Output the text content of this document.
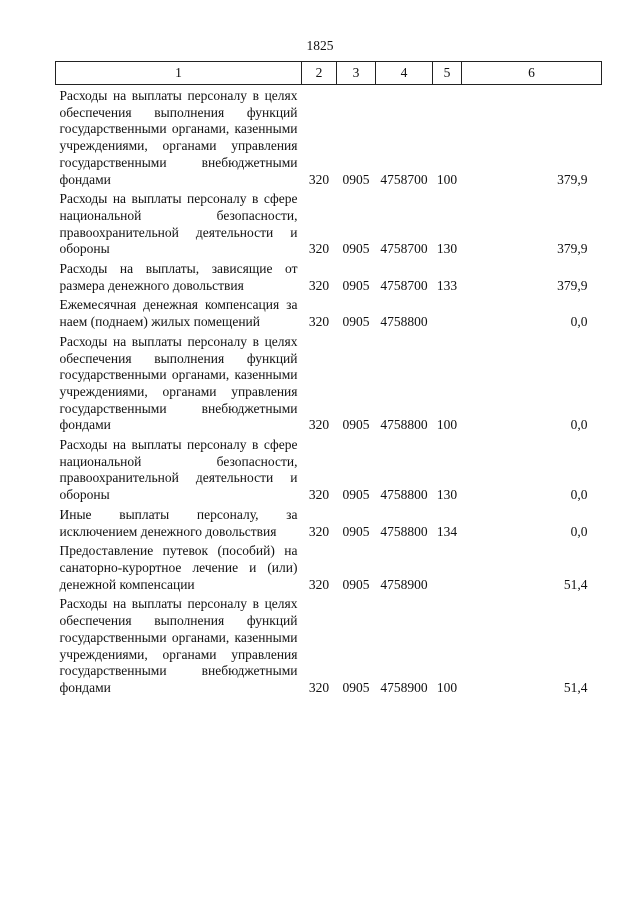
1825
1	2	3	4	5	6
Расходы на выплаты персоналу в целях обеспечения выполнения функций государственными органами, казенными учреждениями, органами управления государственными внебюджетными фондами	320	0905	4758700	100	379,9
Расходы на выплаты персоналу в сфере национальной безопасности, правоохранительной деятельности и обороны	320	0905	4758700	130	379,9
Расходы на выплаты, зависящие от размера денежного довольствия	320	0905	4758700	133	379,9
Ежемесячная денежная компенсация за наем (поднаем) жилых помещений	320	0905	4758800		0,0
Расходы на выплаты персоналу в целях обеспечения выполнения функций государственными органами, казенными учреждениями, органами управления государственными внебюджетными фондами	320	0905	4758800	100	0,0
Расходы на выплаты персоналу в сфере национальной безопасности, правоохранительной деятельности и обороны	320	0905	4758800	130	0,0
Иные выплаты персоналу, за исключением денежного довольствия	320	0905	4758800	134	0,0
Предоставление путевок (пособий) на санаторно-курортное лечение и (или) денежной компенсации	320	0905	4758900		51,4
Расходы на выплаты персоналу в целях обеспечения выполнения функций государственными органами, казенными учреждениями, органами управления государственными внебюджетными фондами	320	0905	4758900	100	51,4
